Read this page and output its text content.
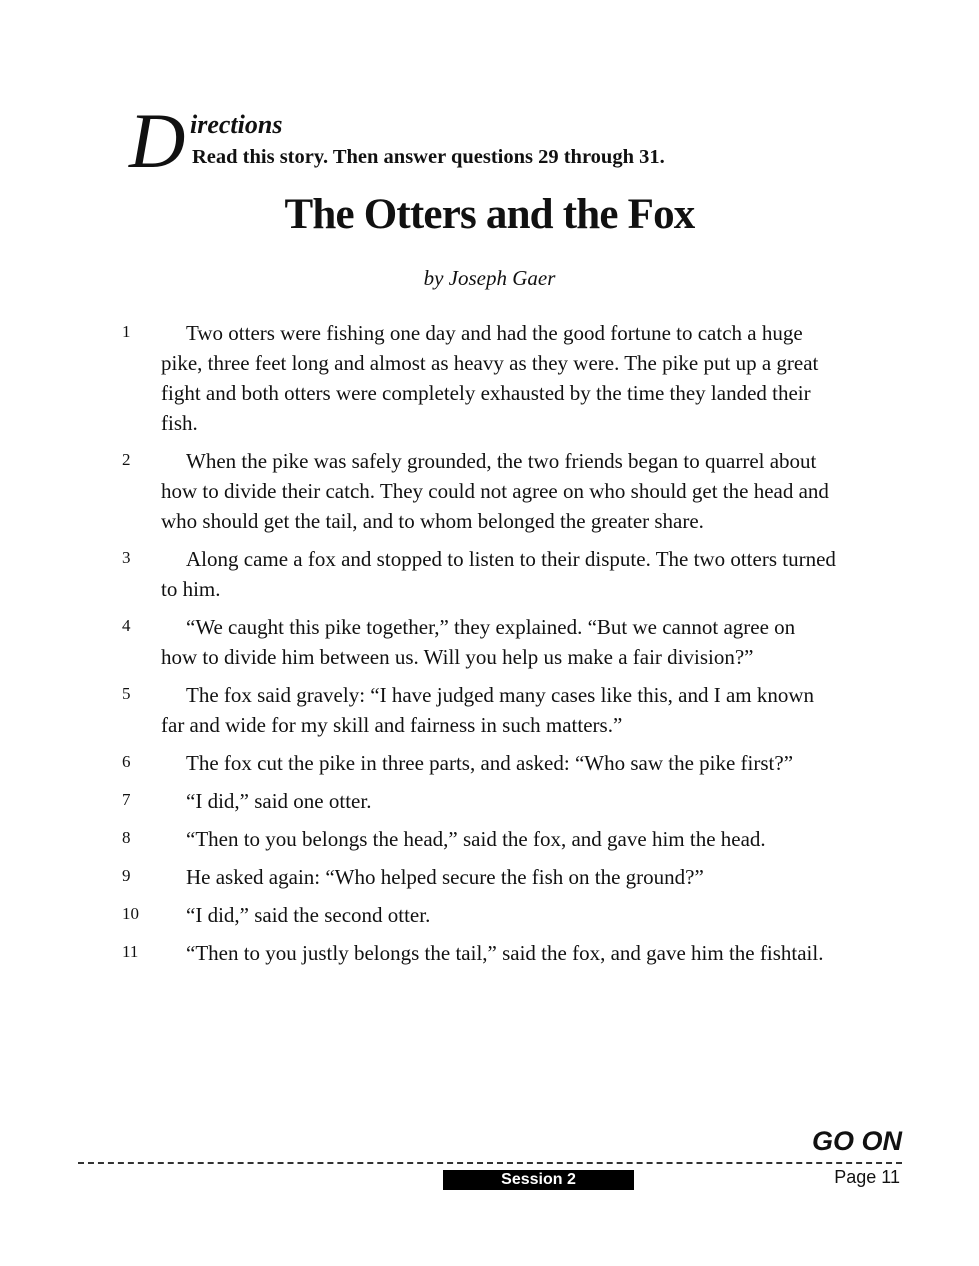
D irections
Read this story. Then answer questions 29 through 31.
The Otters and the Fox
by Joseph Gaer
1	Two otters were fishing one day and had the good fortune to catch a huge pike, three feet long and almost as heavy as they were. The pike put up a great fight and both otters were completely exhausted by the time they landed their fish.
2	When the pike was safely grounded, the two friends began to quarrel about how to divide their catch. They could not agree on who should get the head and who should get the tail, and to whom belonged the greater share.
3	Along came a fox and stopped to listen to their dispute. The two otters turned to him.
4	“We caught this pike together,” they explained. “But we cannot agree on how to divide him between us. Will you help us make a fair division?”
5	The fox said gravely: “I have judged many cases like this, and I am known far and wide for my skill and fairness in such matters.”
6	The fox cut the pike in three parts, and asked: “Who saw the pike first?”
7	“I did,” said one otter.
8	“Then to you belongs the head,” said the fox, and gave him the head.
9	He asked again: “Who helped secure the fish on the ground?”
10	“I did,” said the second otter.
11	“Then to you justly belongs the tail,” said the fox, and gave him the fishtail.
GO ON
Session 2	Page 11
